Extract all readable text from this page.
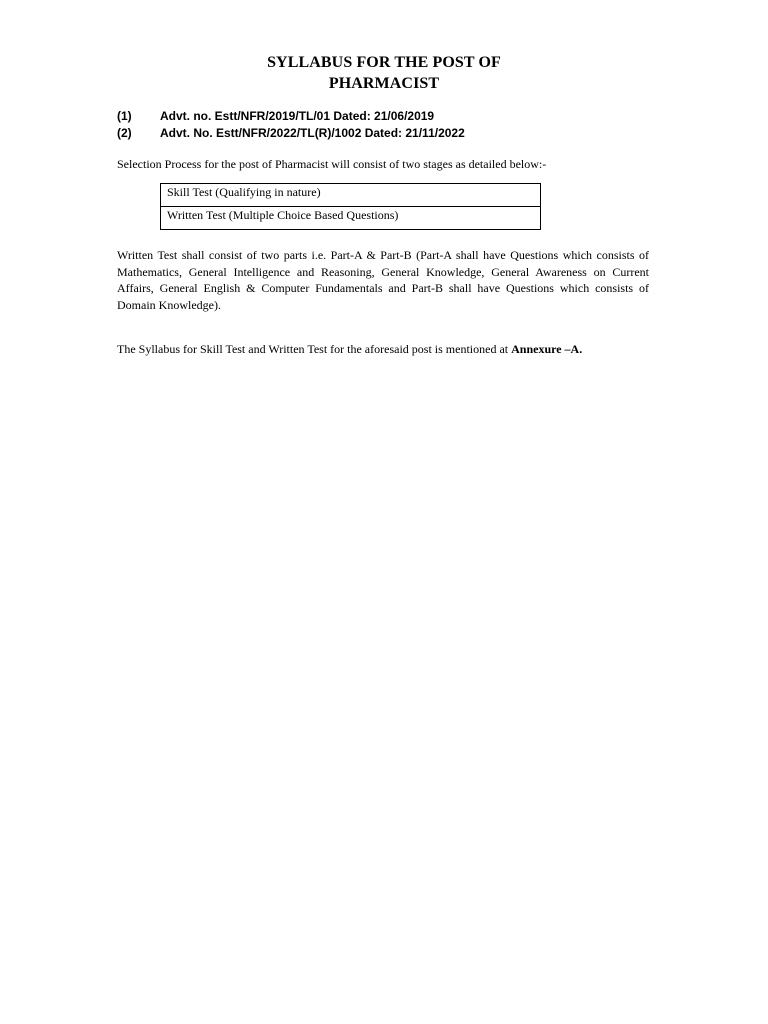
SYLLABUS FOR THE POST OF
PHARMACIST
(1) Advt. no. Estt/NFR/2019/TL/01 Dated: 21/06/2019
(2) Advt. No. Estt/NFR/2022/TL(R)/1002 Dated: 21/11/2022
Selection Process for the post of Pharmacist will consist of two stages as detailed below:-
Skill Test (Qualifying in nature)

Written Test (Multiple Choice Based Questions)
Written Test shall consist of two parts i.e. Part-A & Part-B (Part-A shall have Questions which consists of Mathematics, General Intelligence and Reasoning, General Knowledge, General Awareness on Current Affairs, General English & Computer Fundamentals and Part-B shall have Questions which consists of Domain Knowledge).
The Syllabus for Skill Test and Written Test for the aforesaid post is mentioned at Annexure –A.
